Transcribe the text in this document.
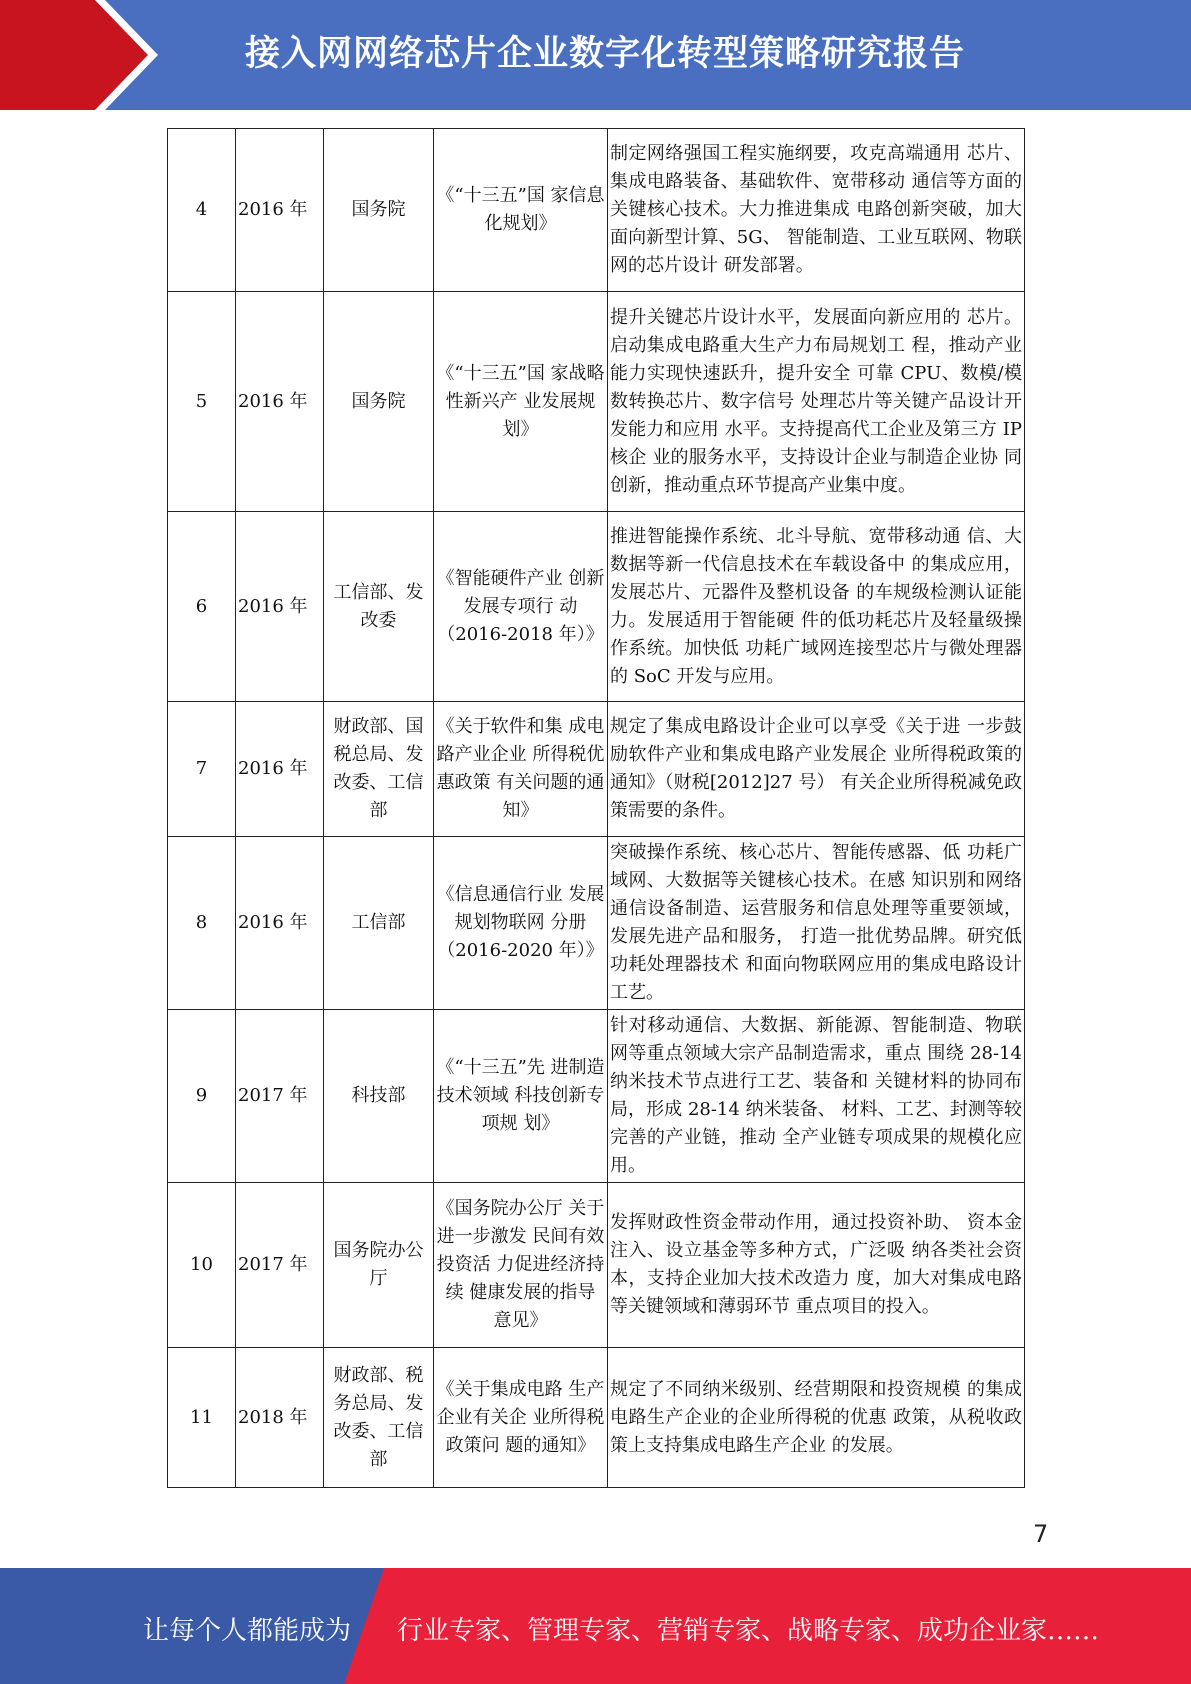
接入网网络芯片企业数字化转型策略研究报告
4	2016 年	国务院	《“十三五”国 家信息化规划》	制定网络强国工程实施纲要，攻克高端通用 芯片、集成电路装备、基础软件、宽带移动 通信等方面的关键核心技术。大力推进集成 电路创新突破，加大面向新型计算、5G、 智能制造、工业互联网、物联网的芯片设计 研发部署。
5	2016 年	国务院	《“十三五”国 家战略性新兴产 业发展规划》	提升关键芯片设计水平，发展面向新应用的 芯片。启动集成电路重大生产力布局规划工 程，推动产业能力实现快速跃升，提升安全 可靠 CPU、数模/模数转换芯片、数字信号 处理芯片等关键产品设计开发能力和应用 水平。支持提高代工企业及第三方 IP 核企 业的服务水平，支持设计企业与制造企业协 同创新，推动重点环节提高产业集中度。
6	2016 年	工信部、发改委	《智能硬件产业 创新发展专项行 动（2016-2018 年）》	推进智能操作系统、北斗导航、宽带移动通 信、大数据等新一代信息技术在车载设备中 的集成应用，发展芯片、元器件及整机设备 的车规级检测认证能力。发展适用于智能硬 件的低功耗芯片及轻量级操作系统。加快低 功耗广域网连接型芯片与微处理器的 SoC 开发与应用。
7	2016 年	财政部、国税总局、发改委、工信部	《关于软件和集 成电路产业企业 所得税优惠政策 有关问题的通 知》	规定了集成电路设计企业可以享受《关于进 一步鼓励软件产业和集成电路产业发展企 业所得税政策的通知》（财税[2012]27 号） 有关企业所得税减免政策需要的条件。
8	2016 年	工信部	《信息通信行业 发展规划物联网 分册（2016-2020 年）》	突破操作系统、核心芯片、智能传感器、低 功耗广域网、大数据等关键核心技术。在感 知识别和网络通信设备制造、运营服务和信息处理等重要领域，发展先进产品和服务， 打造一批优势品牌。研究低功耗处理器技术 和面向物联网应用的集成电路设计工艺。
9	2017 年	科技部	《“十三五”先 进制造技术领域 科技创新专项规 划》	针对移动通信、大数据、新能源、智能制造、物联网等重点领域大宗产品制造需求，重点 围绕 28-14 纳米技术节点进行工艺、装备和 关键材料的协同布局，形成 28-14 纳米装备、 材料、工艺、封测等较完善的产业链，推动 全产业链专项成果的规模化应用。
10	2017 年	国务院办公厅	《国务院办公厅 关于进一步激发 民间有效投资活 力促进经济持续 健康发展的指导 意见》	发挥财政性资金带动作用，通过投资补助、 资本金注入、设立基金等多种方式，广泛吸 纳各类社会资本，支持企业加大技术改造力 度，加大对集成电路等关键领域和薄弱环节 重点项目的投入。
11	2018 年	财政部、税务总局、发改委、工信部	《关于集成电路 生产企业有关企 业所得税政策问 题的通知》	规定了不同纳米级别、经营期限和投资规模 的集成电路生产企业的企业所得税的优惠 政策，从税收政策上支持集成电路生产企业 的发展。
7
让每个人都能成为 行业专家、管理专家、营销专家、战略专家、成功企业家……
